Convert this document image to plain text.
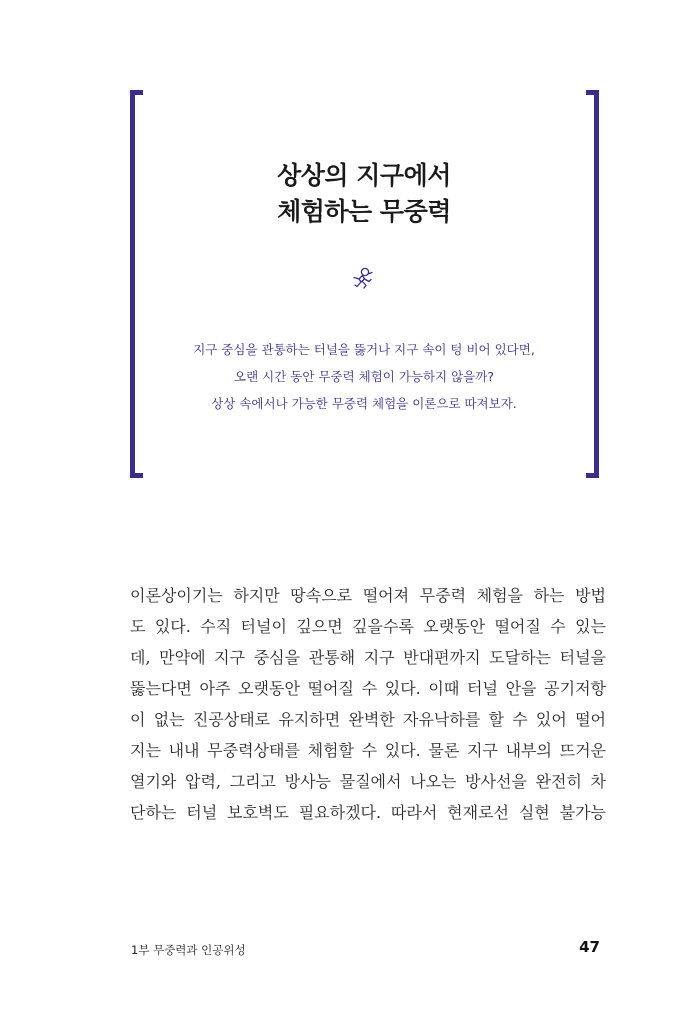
상상의 지구에서
체험하는 무중력
지구 중심을 관통하는 터널을 뚫거나 지구 속이 텅 비어 있다면,
오랜 시간 동안 무중력 체험이 가능하지 않을까?
상상 속에서나 가능한 무중력 체험을 이론으로 따져보자.
이론상이기는 하지만 땅속으로 떨어져 무중력 체험을 하는 방법
도 있다. 수직 터널이 깊으면 깊을수록 오랫동안 떨어질 수 있는
데, 만약에 지구 중심을 관통해 지구 반대편까지 도달하는 터널을
뚫는다면 아주 오랫동안 떨어질 수 있다. 이때 터널 안을 공기저항
이 없는 진공상태로 유지하면 완벽한 자유낙하를 할 수 있어 떨어
지는 내내 무중력상태를 체험할 수 있다. 물론 지구 내부의 뜨거운
열기와 압력, 그리고 방사능 물질에서 나오는 방사선을 완전히 차
단하는 터널 보호벽도 필요하겠다. 따라서 현재로선 실현 불가능
1부 무중력과 인공위성	47
